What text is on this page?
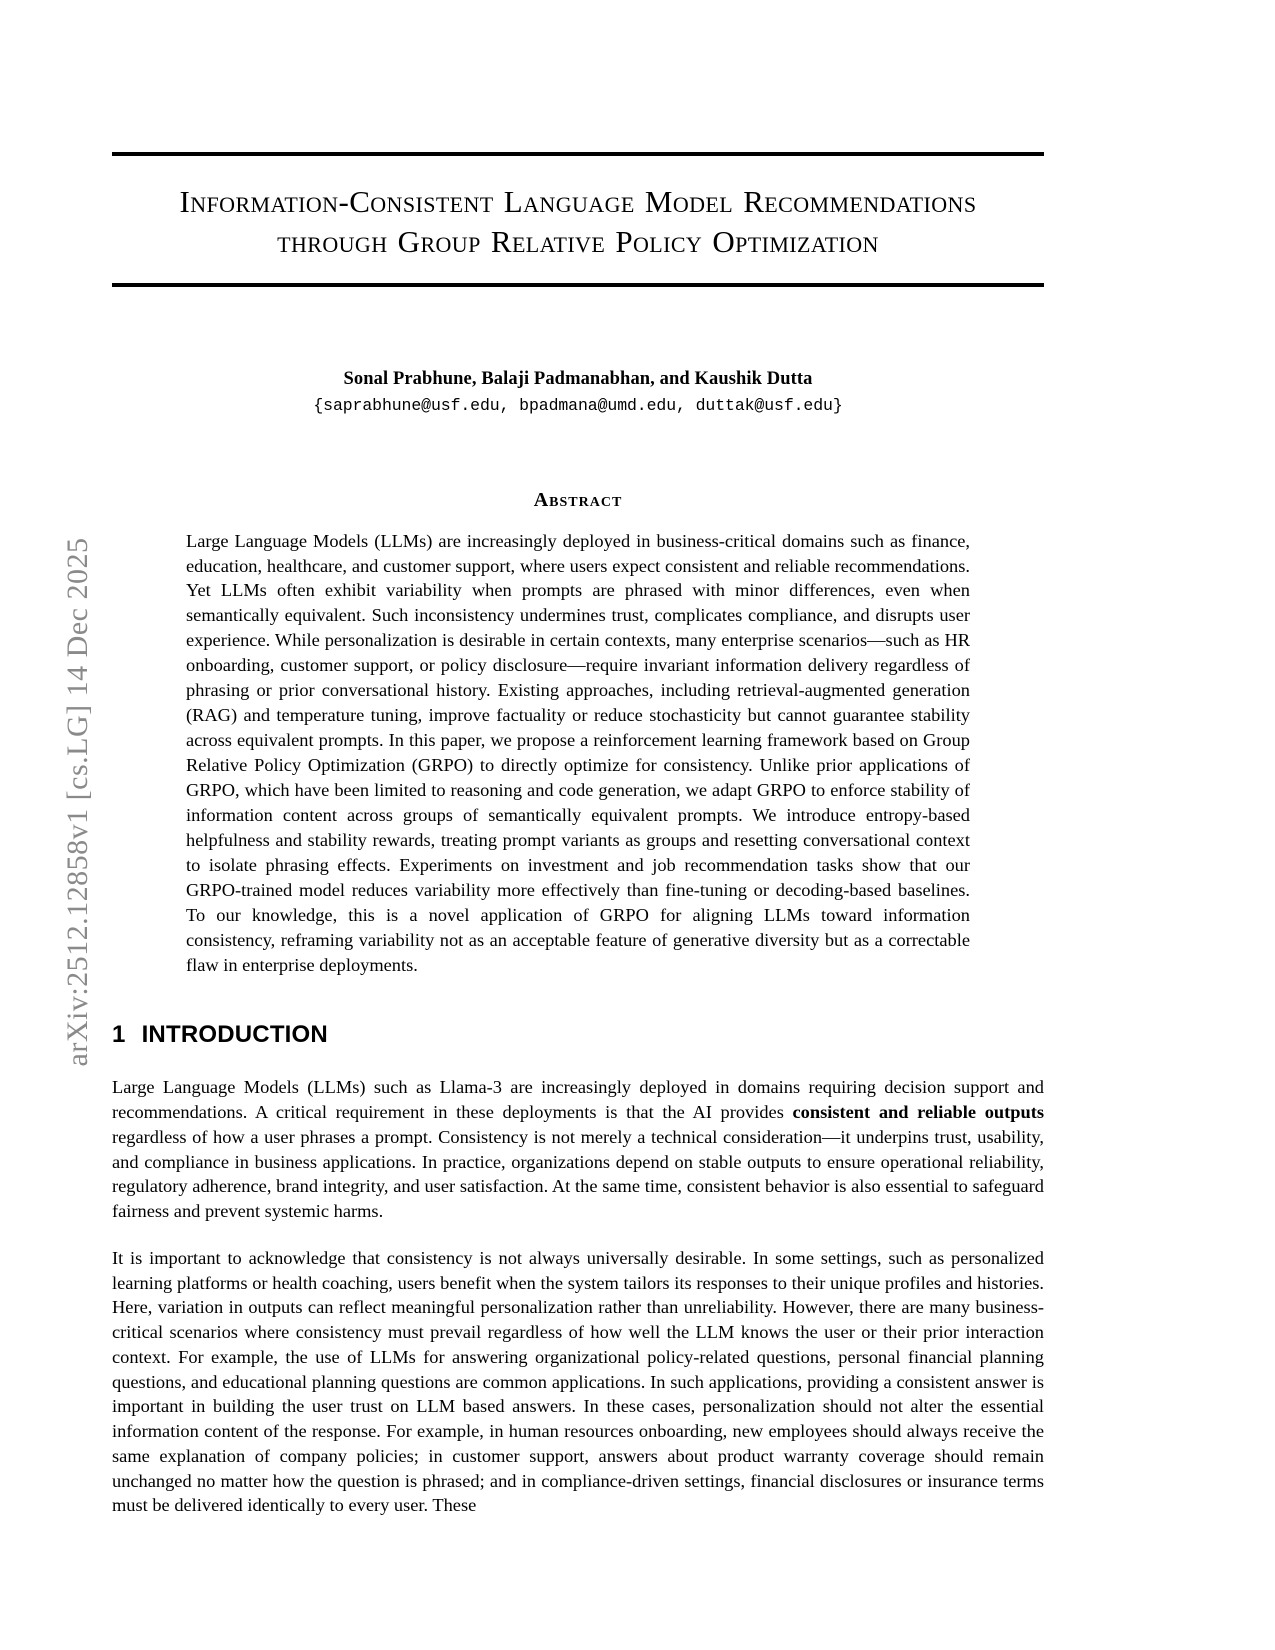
arXiv:2512.12858v1 [cs.LG] 14 Dec 2025
Information-Consistent Language Model Recommendations through Group Relative Policy Optimization
Sonal Prabhune, Balaji Padmanabhan, and Kaushik Dutta
{saprabhune@usf.edu, bpadmana@umd.edu, duttak@usf.edu}
Abstract
Large Language Models (LLMs) are increasingly deployed in business-critical domains such as finance, education, healthcare, and customer support, where users expect consistent and reliable recommendations. Yet LLMs often exhibit variability when prompts are phrased with minor differences, even when semantically equivalent. Such inconsistency undermines trust, complicates compliance, and disrupts user experience. While personalization is desirable in certain contexts, many enterprise scenarios—such as HR onboarding, customer support, or policy disclosure—require invariant information delivery regardless of phrasing or prior conversational history. Existing approaches, including retrieval-augmented generation (RAG) and temperature tuning, improve factuality or reduce stochasticity but cannot guarantee stability across equivalent prompts. In this paper, we propose a reinforcement learning framework based on Group Relative Policy Optimization (GRPO) to directly optimize for consistency. Unlike prior applications of GRPO, which have been limited to reasoning and code generation, we adapt GRPO to enforce stability of information content across groups of semantically equivalent prompts. We introduce entropy-based helpfulness and stability rewards, treating prompt variants as groups and resetting conversational context to isolate phrasing effects. Experiments on investment and job recommendation tasks show that our GRPO-trained model reduces variability more effectively than fine-tuning or decoding-based baselines. To our knowledge, this is a novel application of GRPO for aligning LLMs toward information consistency, reframing variability not as an acceptable feature of generative diversity but as a correctable flaw in enterprise deployments.
1 INTRODUCTION

Large Language Models (LLMs) such as Llama-3 are increasingly deployed in domains requiring decision support and recommendations. A critical requirement in these deployments is that the AI provides consistent and reliable outputs regardless of how a user phrases a prompt. Consistency is not merely a technical consideration—it underpins trust, usability, and compliance in business applications. In practice, organizations depend on stable outputs to ensure operational reliability, regulatory adherence, brand integrity, and user satisfaction. At the same time, consistent behavior is also essential to safeguard fairness and prevent systemic harms.

It is important to acknowledge that consistency is not always universally desirable. In some settings, such as personalized learning platforms or health coaching, users benefit when the system tailors its responses to their unique profiles and histories. Here, variation in outputs can reflect meaningful personalization rather than unreliability. However, there are many business-critical scenarios where consistency must prevail regardless of how well the LLM knows the user or their prior interaction context. For example, the use of LLMs for answering organizational policy-related questions, personal financial planning questions, and educational planning questions are common applications. In such applications, providing a consistent answer is important in building the user trust on LLM based answers. In these cases, personalization should not alter the essential information content of the response. For example, in human resources onboarding, new employees should always receive the same explanation of company policies; in customer support, answers about product warranty coverage should remain unchanged no matter how the question is phrased; and in compliance-driven settings, financial disclosures or insurance terms must be delivered identically to every user. These
